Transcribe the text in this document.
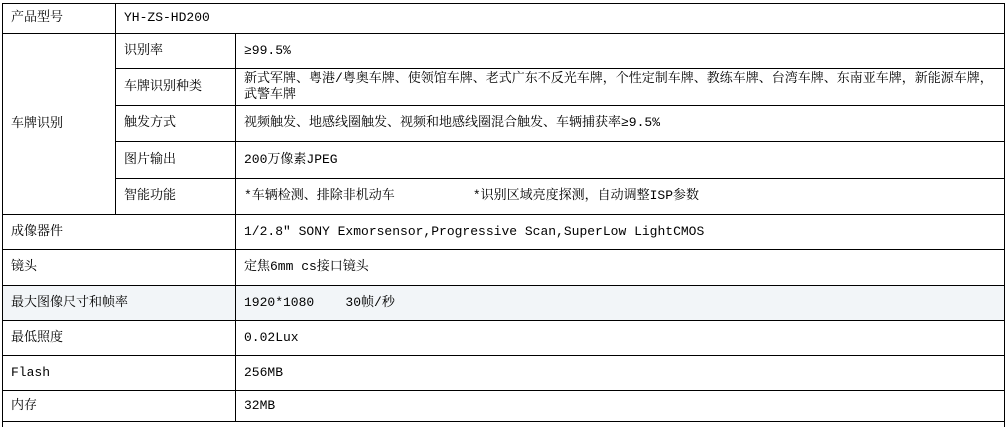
产品型号	YH-ZS-HD200	
车牌识别	识别率	≥99.5%
	车牌识别种类	新式军牌、粤港/粤奥车牌、使领馆车牌、老式广东不反光车牌，个性定制车牌、教练车牌、台湾车牌、东南亚车牌，新能源车牌，武警车牌
	触发方式	视频触发、地感线圈触发、视频和地感线圈混合触发、车辆捕获率≥9.5%
	图片输出	200万像素JPEG
	智能功能	*车辆检测、排除非机动车          *识别区域亮度探测，自动调整ISP参数
成像器件		1/2.8″ SONY Exmorsensor,Progressive Scan,SuperLow LightCMOS
镜头		定焦6mm cs接口镜头
最大图像尺寸和帧率		1920*1080    30帧/秒
最低照度		0.02Lux
Flash		256MB
内存		32MB
